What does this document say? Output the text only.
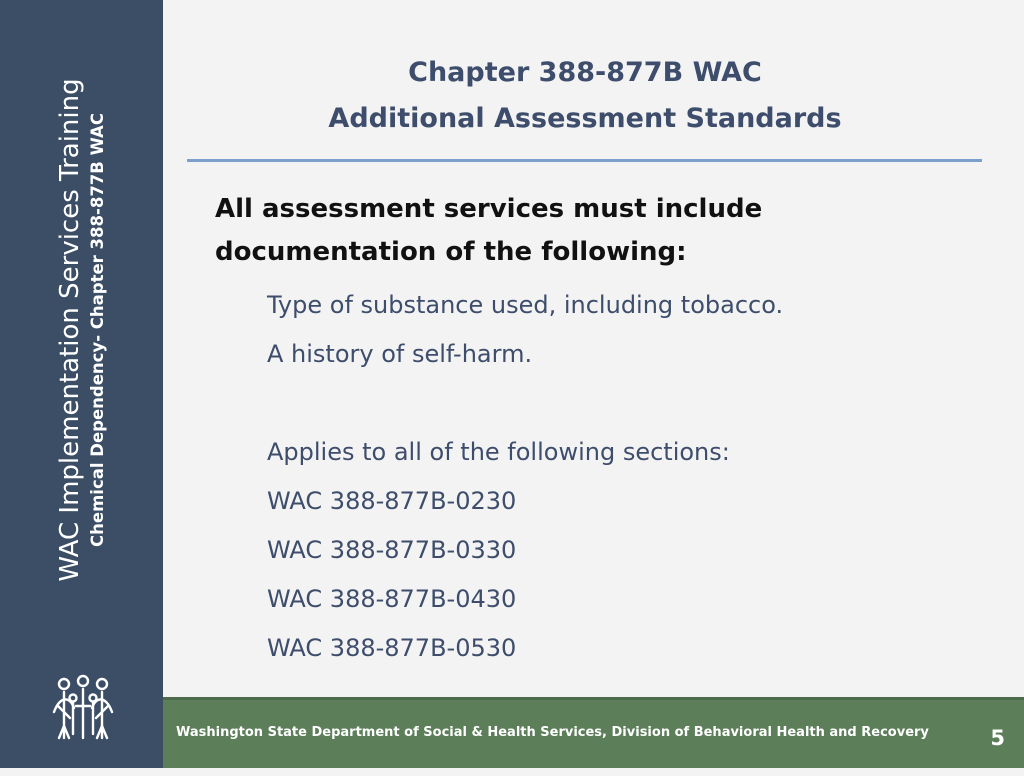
WAC Implementation Services Training Chemical Dependency- Chapter 388-877B WAC
Chapter 388-877B WAC
Additional Assessment Standards
All assessment services must include
documentation of the following:
Type of substance used, including tobacco.
A history of self-harm.
Applies to all of the following sections:
WAC 388-877B-0230
WAC 388-877B-0330
WAC 388-877B-0430
WAC 388-877B-0530
Washington State Department of Social & Health Services, Division of Behavioral Health and Recovery	5
